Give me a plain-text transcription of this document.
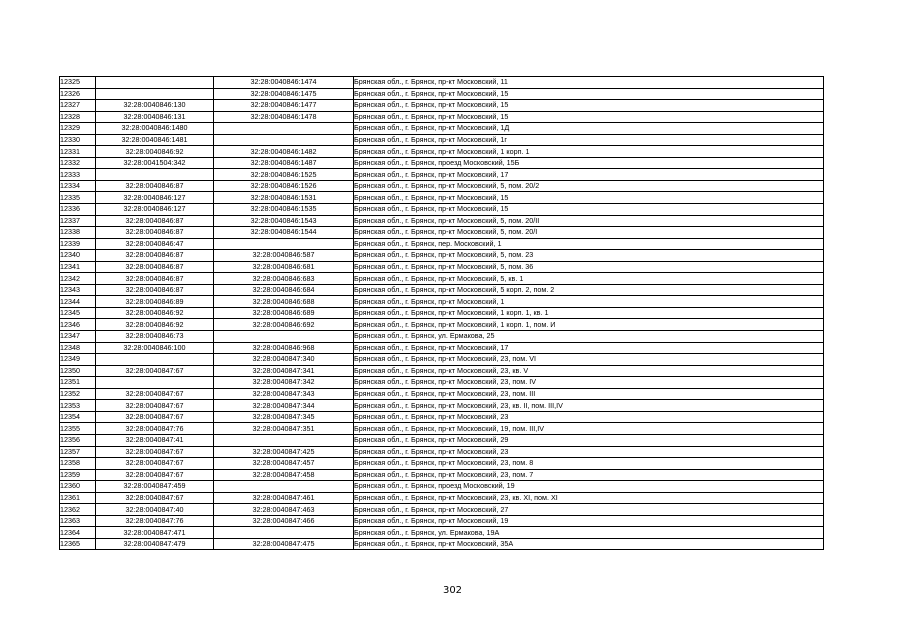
12325		32:28:0040846:1474	Брянская обл., г. Брянск, пр-кт Московский, 11
12326		32:28:0040846:1475	Брянская обл., г. Брянск, пр-кт Московский, 15
12327	32:28:0040846:130	32:28:0040846:1477	Брянская обл., г. Брянск, пр-кт Московский, 15
12328	32:28:0040846:131	32:28:0040846:1478	Брянская обл., г. Брянск, пр-кт Московский, 15
12329	32:28:0040846:1480		Брянская обл., г. Брянск, пр-кт Московский, 1Д
12330	32:28:0040846:1481		Брянская обл., г. Брянск, пр-кт Московский, 1г
12331	32:28:0040846:92	32:28:0040846:1482	Брянская обл., г. Брянск, пр-кт Московский, 1 корп. 1
12332	32:28:0041504:342	32:28:0040846:1487	Брянская обл., г. Брянск, проезд Московский, 15Б
12333		32:28:0040846:1525	Брянская обл., г. Брянск, пр-кт Московский, 17
12334	32:28:0040846:87	32:28:0040846:1526	Брянская обл., г. Брянск, пр-кт Московский, 5, пом. 20/2
12335	32:28:0040846:127	32:28:0040846:1531	Брянская обл., г. Брянск, пр-кт Московский, 15
12336	32:28:0040846:127	32:28:0040846:1535	Брянская обл., г. Брянск, пр-кт Московский, 15
12337	32:28:0040846:87	32:28:0040846:1543	Брянская обл., г. Брянск, пр-кт Московский, 5, пом. 20/II
12338	32:28:0040846:87	32:28:0040846:1544	Брянская обл., г. Брянск, пр-кт Московский, 5, пом. 20/I
12339	32:28:0040846:47		Брянская обл., г. Брянск, пер. Московский, 1
12340	32:28:0040846:87	32:28:0040846:587	Брянская обл., г. Брянск, пр-кт Московский, 5, пом. 23
12341	32:28:0040846:87	32:28:0040846:681	Брянская обл., г. Брянск, пр-кт Московский, 5, пом. 36
12342	32:28:0040846:87	32:28:0040846:683	Брянская обл., г. Брянск, пр-кт Московский, 5, кв. 1
12343	32:28:0040846:87	32:28:0040846:684	Брянская обл., г. Брянск, пр-кт Московский, 5 корп. 2, пом. 2
12344	32:28:0040846:89	32:28:0040846:688	Брянская обл., г. Брянск, пр-кт Московский, 1
12345	32:28:0040846:92	32:28:0040846:689	Брянская обл., г. Брянск, пр-кт Московский, 1 корп. 1, кв. 1
12346	32:28:0040846:92	32:28:0040846:692	Брянская обл., г. Брянск, пр-кт Московский, 1 корп. 1, пом. И
12347	32:28:0040846:73		Брянская обл., г. Брянск, ул. Ермакова, 25
12348	32:28:0040846:100	32:28:0040846:968	Брянская обл., г. Брянск, пр-кт Московский, 17
12349		32:28:0040847:340	Брянская обл., г. Брянск, пр-кт Московский, 23, пом. VI
12350	32:28:0040847:67	32:28:0040847:341	Брянская обл., г. Брянск, пр-кт Московский, 23, кв. V
12351		32:28:0040847:342	Брянская обл., г. Брянск, пр-кт Московский, 23, пом. IV
12352	32:28:0040847:67	32:28:0040847:343	Брянская обл., г. Брянск, пр-кт Московский, 23, пом. III
12353	32:28:0040847:67	32:28:0040847:344	Брянская обл., г. Брянск, пр-кт Московский, 23, кв. II, пом. III,IV
12354	32:28:0040847:67	32:28:0040847:345	Брянская обл., г. Брянск, пр-кт Московский, 23
12355	32:28:0040847:76	32:28:0040847:351	Брянская обл., г. Брянск, пр-кт Московский, 19, пом. III,IV
12356	32:28:0040847:41		Брянская обл., г. Брянск, пр-кт Московский, 29
12357	32:28:0040847:67	32:28:0040847:425	Брянская обл., г. Брянск, пр-кт Московский, 23
12358	32:28:0040847:67	32:28:0040847:457	Брянская обл., г. Брянск, пр-кт Московский, 23, пом. 8
12359	32:28:0040847:67	32:28:0040847:458	Брянская обл., г. Брянск, пр-кт Московский, 23, пом. 7
12360	32:28:0040847:459		Брянская обл., г. Брянск, проезд Московский, 19
12361	32:28:0040847:67	32:28:0040847:461	Брянская обл., г. Брянск, пр-кт Московский, 23, кв. XI, пом. XI
12362	32:28:0040847:40	32:28:0040847:463	Брянская обл., г. Брянск, пр-кт Московский, 27
12363	32:28:0040847:76	32:28:0040847:466	Брянская обл., г. Брянск, пр-кт Московский, 19
12364	32:28:0040847:471		Брянская обл., г. Брянск, ул. Ермакова, 19А
12365	32:28:0040847:479	32:28:0040847:475	Брянская обл., г. Брянск, пр-кт Московский, 35А
302
